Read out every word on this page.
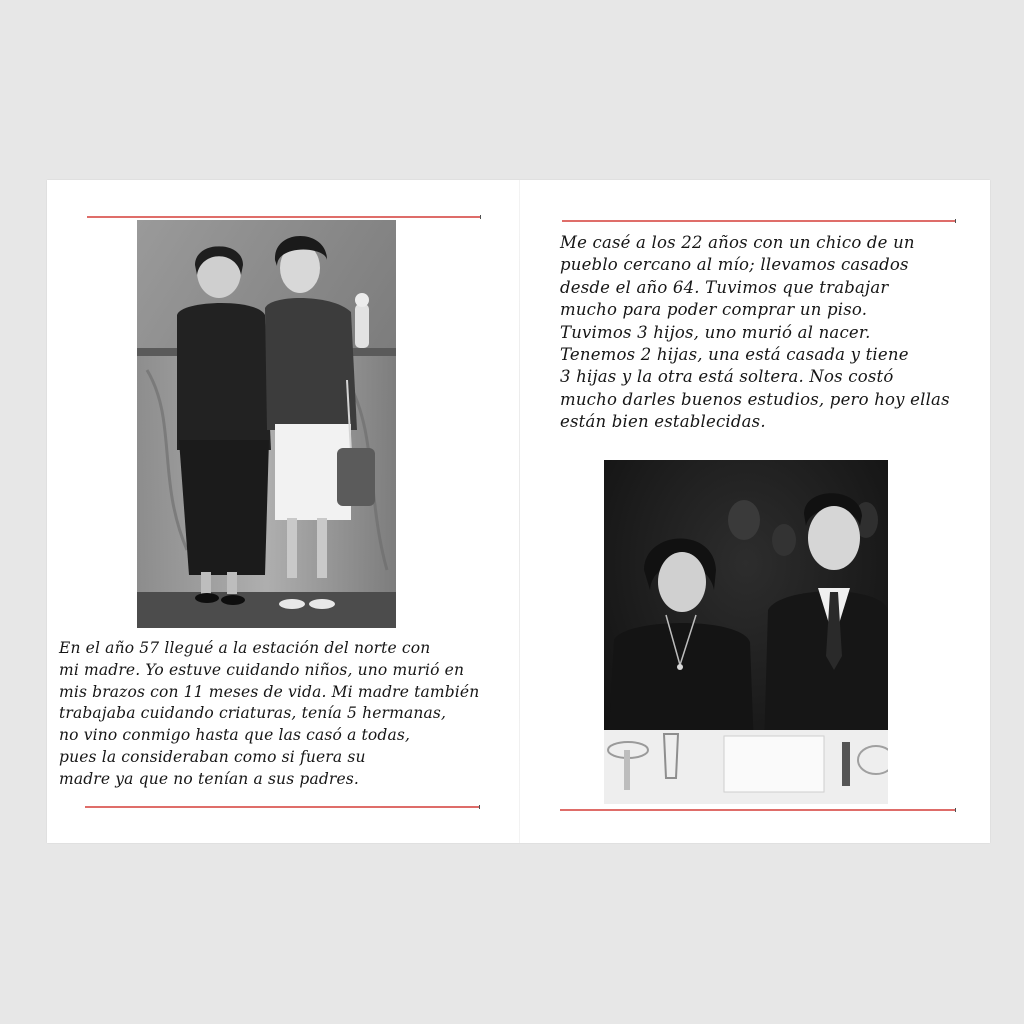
En el año 57 llegué a la estación del norte con
mi madre. Yo estuve cuidando niños, uno murió en
mis brazos con 11 meses de vida. Mi madre también
trabajaba cuidando criaturas, tenía 5 hermanas,
no vino conmigo hasta que las casó a todas,
pues la consideraban como si fuera su
madre ya que no tenían a sus padres.
Me casé a los 22 años con un chico de un
pueblo cercano al mío; llevamos casados
desde el año 64. Tuvimos que trabajar
mucho para poder comprar un piso.
Tuvimos 3 hijos, uno murió al nacer.
Tenemos 2 hijas, una está casada y tiene
3 hijas y la otra está soltera. Nos costó
mucho darles buenos estudios, pero hoy ellas
están bien establecidas.
